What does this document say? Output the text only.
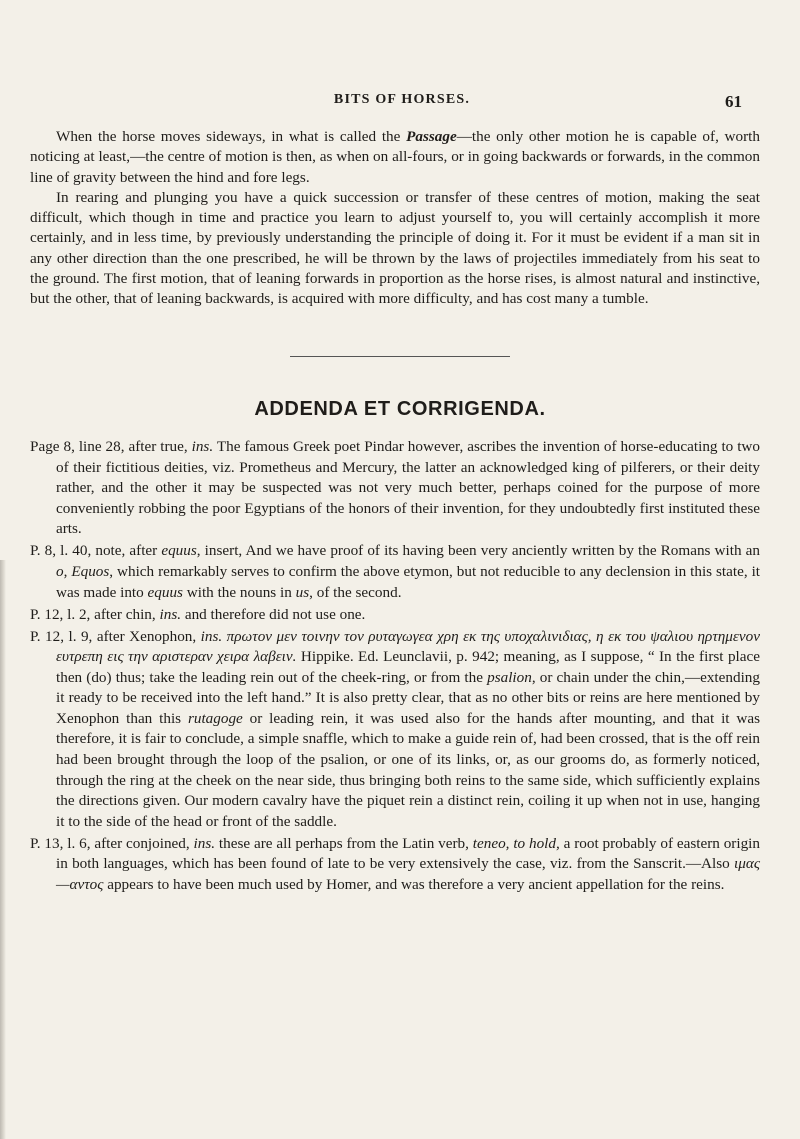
BITS OF HORSES.	61

When the horse moves sideways, in what is called the Passage—the only other motion he is capable of, worth noticing at least,—the centre of motion is then, as when on all-fours, or in going backwards or forwards, in the common line of gravity between the hind and fore legs.

In rearing and plunging you have a quick succession or transfer of these centres of motion, making the seat difficult, which though in time and practice you learn to adjust yourself to, you will certainly accomplish it more certainly, and in less time, by previously understanding the principle of doing it. For it must be evident if a man sit in any other direction than the one prescribed, he will be thrown by the laws of projectiles immediately from his seat to the ground. The first motion, that of leaning forwards in proportion as the horse rises, is almost natural and instinctive, but the other, that of leaning backwards, is acquired with more difficulty, and has cost many a tumble.

ADDENDA ET CORRIGENDA.

Page 8, line 28, after true, ins. The famous Greek poet Pindar however, ascribes the invention of horse-educating to two of their fictitious deities, viz. Prometheus and Mercury, the latter an acknowledged king of pilferers, or their deity rather, and the other it may be suspected was not very much better, perhaps coined for the purpose of more conveniently robbing the poor Egyptians of the honors of their invention, for they undoubtedly first instituted these arts.

P. 8, l. 40, note, after equus, insert, And we have proof of its having been very anciently written by the Romans with an o, Equos, which remarkably serves to confirm the above etymon, but not reducible to any declension in this state, it was made into equus with the nouns in us, of the second.

P. 12, l. 2, after chin, ins. and therefore did not use one.

P. 12, l. 9, after Xenophon, ins. πρωτον μεν τοινην τον ρυταγωγεα χρη εκ της υποχαλινιδιας, η εκ του ψαλιου ηρτημενον ευτρεπη εις την αριστεραν χειρα λαβειν. Hippike. Ed. Leunclavii, p. 942; meaning, as I suppose, “ In the first place then (do) thus; take the leading rein out of the cheek-ring, or from the psalion, or chain under the chin,—extending it ready to be received into the left hand.” It is also pretty clear, that as no other bits or reins are here mentioned by Xenophon than this rutagoge or leading rein, it was used also for the hands after mounting, and that it was therefore, it is fair to conclude, a simple snaffle, which to make a guide rein of, had been crossed, that is the off rein had been brought through the loop of the psalion, or one of its links, or, as our grooms do, as formerly noticed, through the ring at the cheek on the near side, thus bringing both reins to the same side, which sufficiently explains the directions given. Our modern cavalry have the piquet rein a distinct rein, coiling it up when not in use, hanging it to the side of the head or front of the saddle.

P. 13, l. 6, after conjoined, ins. these are all perhaps from the Latin verb, teneo, to hold, a root probably of eastern origin in both languages, which has been found of late to be very extensively the case, viz. from the Sanscrit.—Also ιμας—αντος appears to have been much used by Homer, and was therefore a very ancient appellation for the reins.
